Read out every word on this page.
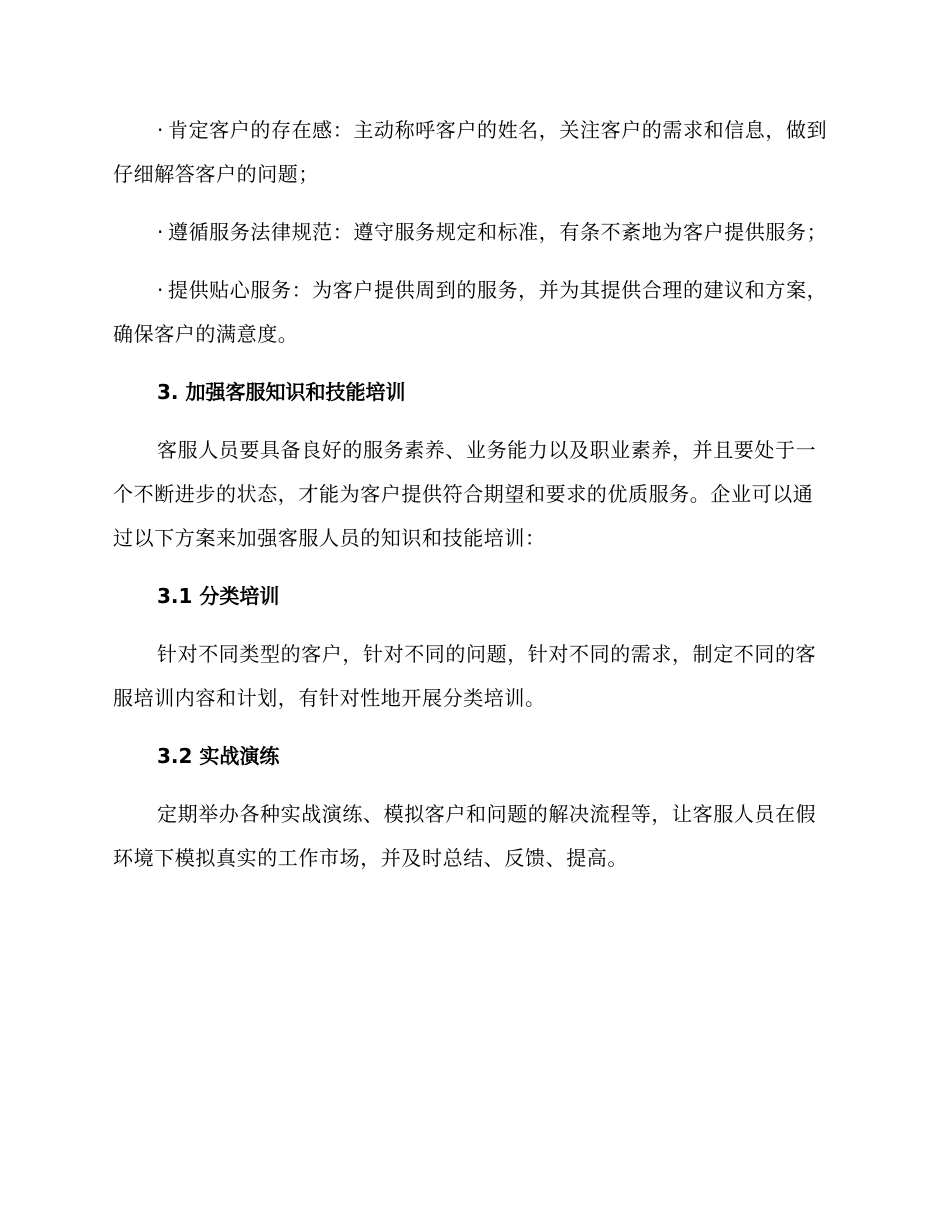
· 肯定客户的存在感：主动称呼客户的姓名，关注客户的需求和信息，做到仔细解答客户的问题；

· 遵循服务法律规范：遵守服务规定和标准，有条不紊地为客户提供服务；

· 提供贴心服务：为客户提供周到的服务，并为其提供合理的建议和方案，确保客户的满意度。

3. 加强客服知识和技能培训

客服人员要具备良好的服务素养、业务能力以及职业素养，并且要处于一个不断进步的状态，才能为客户提供符合期望和要求的优质服务。企业可以通过以下方案来加强客服人员的知识和技能培训：

3.1 分类培训

针对不同类型的客户，针对不同的问题，针对不同的需求，制定不同的客服培训内容和计划，有针对性地开展分类培训。

3.2 实战演练

定期举办各种实战演练、模拟客户和问题的解决流程等，让客服人员在假环境下模拟真实的工作市场，并及时总结、反馈、提高。
